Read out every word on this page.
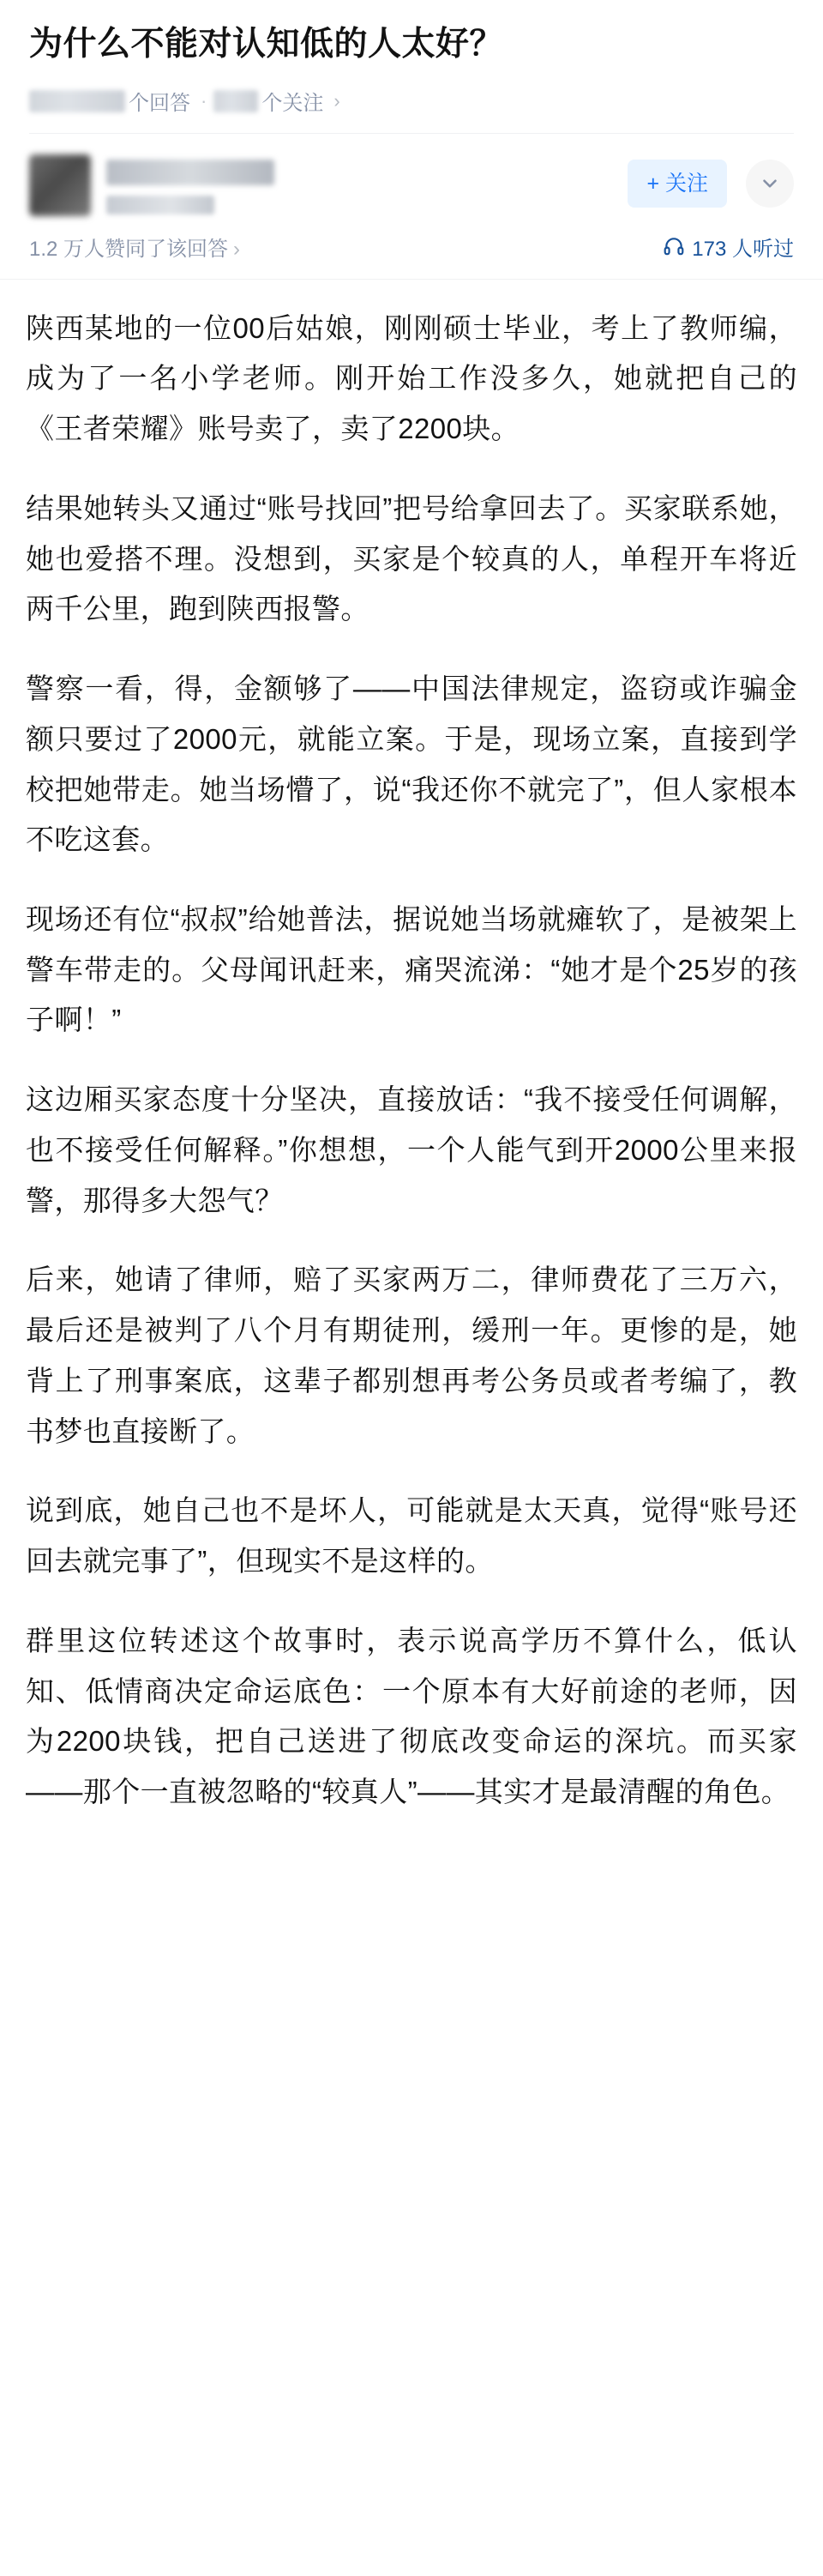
为什么不能对认知低的人太好？
个回答 ·	个关注 ›
+ 关注
1.2 万人赞同了该回答 ›	173 人听过

陕西某地的一位00后姑娘，刚刚硕士毕业，考上了教师编，成为了一名小学老师。刚开始工作没多久，她就把自己的《王者荣耀》账号卖了，卖了2200块。

结果她转头又通过“账号找回”把号给拿回去了。买家联系她，她也爱搭不理。没想到，买家是个较真的人，单程开车将近两千公里，跑到陕西报警。

警察一看，得，金额够了——中国法律规定，盗窃或诈骗金额只要过了2000元，就能立案。于是，现场立案，直接到学校把她带走。她当场懵了，说“我还你不就完了”，但人家根本不吃这套。

现场还有位“叔叔”给她普法，据说她当场就瘫软了，是被架上警车带走的。父母闻讯赶来，痛哭流涕：“她才是个25岁的孩子啊！”

这边厢买家态度十分坚决，直接放话：“我不接受任何调解，也不接受任何解释。”你想想，一个人能气到开2000公里来报警，那得多大怨气？

后来，她请了律师，赔了买家两万二，律师费花了三万六，最后还是被判了八个月有期徒刑，缓刑一年。更惨的是，她背上了刑事案底，这辈子都别想再考公务员或者考编了，教书梦也直接断了。

说到底，她自己也不是坏人，可能就是太天真，觉得“账号还回去就完事了”，但现实不是这样的。

群里这位转述这个故事时，表示说高学历不算什么，低认知、低情商决定命运底色：一个原本有大好前途的老师，因为2200块钱，把自己送进了彻底改变命运的深坑。而买家——那个一直被忽略的“较真人”——其实才是最清醒的角色。
